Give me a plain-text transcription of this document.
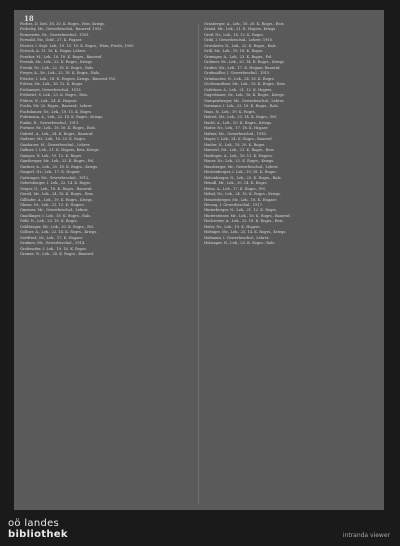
18
Forbes, D. Seit. 18. 20. K. Rogrs., Reis, Kriegs.
Forbeley, Mr., Gewerbeschul., Bauernf. 1933.
Formeister, Nr., Gewerbeschul., 1933.
Forwald, Mr., Gräf., 27. K. Pogaer.
Förster, I. Sept. Lek., 19. 15. 10. K. Rogrs., Wien, Fricht, 1905.
Fortsch, A. 11. 16. K. Hogar, Lehrer.
Fozekor, M., Lek., 16. 18. K. Rogrs., Bauernf.
Freinik, Mr., Lek., 22. K. Rogrs., Kriegs.
Frenik, Nr., Lek., 22. 18. K. Rogrs., Rals.
Freyer, A., Nr., Lek., 22. 18. K. Rogrs., Rals.
Frische, I. Lek., 18. K. Hogers, Kriegs., Bauernf. Fel.
Fritzer, Mr., Lek., 16. 12. K. Rogrs.
Frohmeyer, Gewerbeschul., 1913.
Frühwirt, S. Lek., 23. K. Rogrs., Reis.
Führer, N., Lek., 24. K. Hogaer.
Fuchs, Mr. 20. Rogrs., Bauernf., Lehrer.
Fuchsbauer, Nr., Lek., 19. 15. K. Rogrs.
Fuhrmann, A., Lek., 22. 14. K. Rogrs., Kriegs.
Funke, E., Gewerbeschul., 1911.
Furtner, Nr., Lek., 18. 16. K. Rogrs., Rals.
Gabriel, A., Lek., 24. K. Rogrs., Bauernf.
Gaderer, Mr., Lek., 16. 20. K. Rogrs.
Gaisbauer, M., Gewerbeschul., Lehrer.
Gallner, I. Lek., 21. K. Hogers, Reis, Kriegs.
Gamper, N. Lek., 19. 12. K. Rogrs.
Gansberger, Mr., Lek., 23. K. Rogrs., Fel.
Gartner, A., Lek., 20. 18. K. Rogrs., Kriegs.
Gasperl, Nr., Lek., 17. K. Hogaer.
Gattringer, Mr., Gewerbeschul., 1912.
Gebetsberger, I. Lek., 22. 14. K. Rogrs.
Geiger, N., Lek., 18. K. Rogrs., Bauernf.
Gerstl, Mr., Lek., 24. 16. K. Rogrs., Reis.
Gillhofer, A., Lek., 19. K. Rogrs., Kriegs.
Glaser, Nr., Lek., 21. 12. K. Hogers.
Gmeiner, Mr., Gewerbeschul., Lehrer.
Gnadlinger, I. Lek., 16. K. Rogrs., Rals.
Göbl, N., Lek., 23. 18. K. Rogrs.
Goldberger, Mr., Lek., 20. K. Rogrs., Fel.
Gollner, A., Lek., 22. 14. K. Rogrs., Kriegs.
Gottfried, Nr., Lek., 17. K. Hogaer.
Grabner, Mr., Gewerbeschul., 1914.
Grafeneder, I. Lek., 19. 16. K. Rogrs.
Gramer, N., Lek., 24. K. Rogrs., Bauernf.
Grasberger, A., Lek., 18. 20. K. Rogrs., Reis.
Gratzl, Mr., Lek., 21. K. Hogers, Kriegs.
Greil, Nr., Lek., 16. 12. K. Rogrs.
Gribl, I. Gewerbeschul., Lehrer, 1910.
Grieshofer, N., Lek., 22. K. Rogrs., Rals.
Grill, Mr., Lek., 19. 18. K. Rogrs.
Grininger, A., Lek., 23. K. Rogrs., Fel.
Gröbner, Nr., Lek., 20. 14. K. Rogrs., Kriegs.
Gruber, Mr., Lek., 17. K. Hogaer, Bauernf.
Grubmüller, I. Gewerbeschul., 1915.
Grünbacher, N., Lek., 24. 16. K. Rogrs.
Gschwandtner, Mr., Lek., 18. K. Rogrs., Reis.
Gstöttner, A., Lek., 21. 12. K. Hogers.
Gugerbauer, Nr., Lek., 16. K. Rogrs., Kriegs.
Gumpenberger, Mr., Gewerbeschul., Lehrer.
Gutmann, I. Lek., 22. 18. K. Rogrs., Rals.
Haas, N., Lek., 19. K. Rogrs.
Haberl, Mr., Lek., 23. 14. K. Rogrs., Fel.
Hackl, A., Lek., 20. K. Rogrs., Kriegs.
Hader, Nr., Lek., 17. 16. K. Hogaer.
Hafner, Mr., Gewerbeschul., 1916.
Hager, I. Lek., 24. K. Rogrs., Bauernf.
Haider, N., Lek., 18. 20. K. Rogrs.
Haimerl, Mr., Lek., 21. K. Rogrs., Reis.
Haslinger, A., Lek., 16. 12. K. Hogers.
Hauer, Nr., Lek., 22. K. Rogrs., Kriegs.
Hausberger, Mr., Gewerbeschul., Lehrer.
Hechenberger, I. Lek., 19. 18. K. Rogrs.
Hehenberger, N., Lek., 23. K. Rogrs., Rals.
Heindl, Mr., Lek., 20. 14. K. Rogrs.
Heinz, A., Lek., 17. K. Rogrs., Fel.
Helml, Nr., Lek., 24. 16. K. Rogrs., Kriegs.
Hemetsberger, Mr., Lek., 18. K. Hogaer.
Herzog, I. Gewerbeschul., 1917.
Hinterberger, N., Lek., 21. 12. K. Rogrs.
Hintersteiner, Mr., Lek., 16. K. Rogrs., Bauernf.
Hochreiter, A., Lek., 22. 18. K. Rogrs., Reis.
Hofer, Nr., Lek., 19. K. Hogers.
Hofinger, Mr., Lek., 23. 14. K. Rogrs., Kriegs.
Hofmann, I. Gewerbeschul., Lehrer.
Holzinger, N., Lek., 20. K. Rogrs., Rals.
oö landes
bibliothek	intranda viewer
